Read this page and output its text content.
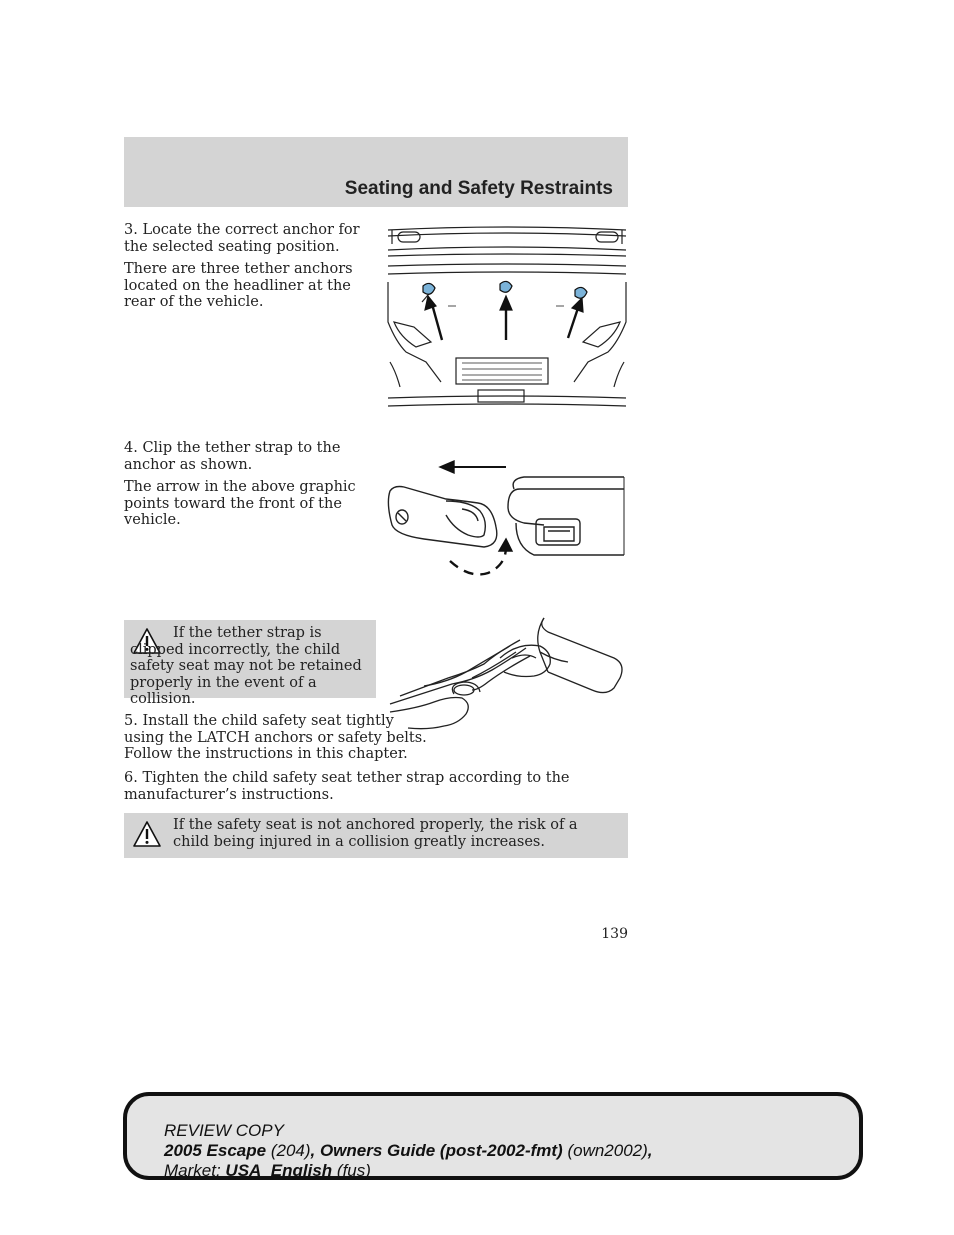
Seating and Safety Restraints

3. Locate the correct anchor for the selected seating position.

There are three tether anchors located on the headliner at the rear of the vehicle.

4. Clip the tether strap to the anchor as shown.

The arrow in the above graphic points toward the front of the vehicle.

If the tether strap is clipped incorrectly, the child safety seat may not be retained properly in the event of a collision.

5. Install the child safety seat tightly using the LATCH anchors or safety belts. Follow the instructions in this chapter.

6. Tighten the child safety seat tether strap according to the manufacturer’s instructions.

If the safety seat is not anchored properly, the risk of a child being injured in a collision greatly increases.

139
REVIEW COPY
2005 Escape (204), Owners Guide (post-2002-fmt) (own2002),
Market: USA_English (fus)
